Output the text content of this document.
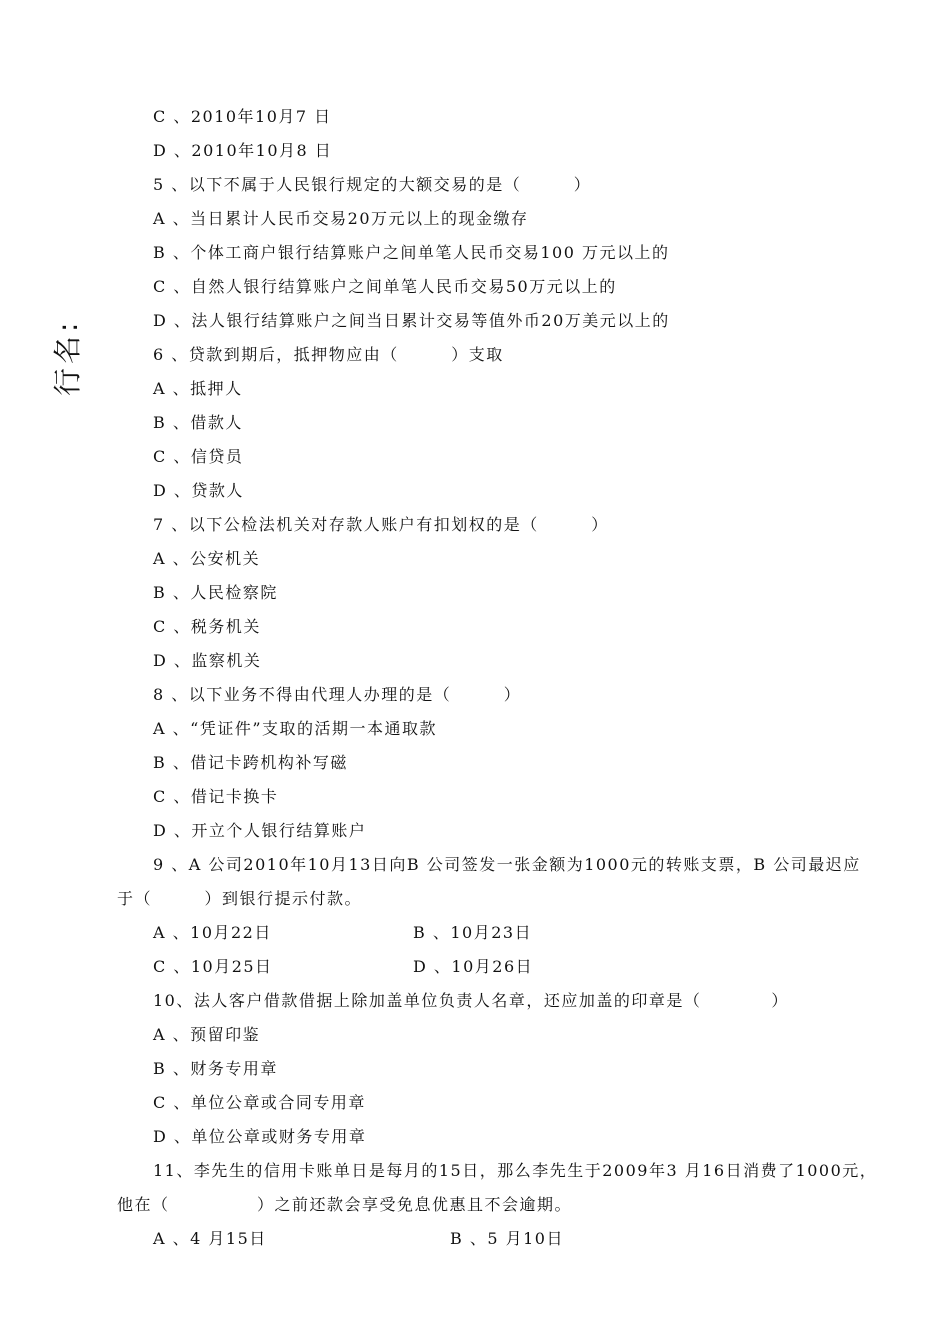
行名:
C 、2010年10月7 日
D 、2010年10月8 日
5 、以下不属于人民银行规定的大额交易的是（　　　）
A 、当日累计人民币交易20万元以上的现金缴存
B 、个体工商户银行结算账户之间单笔人民币交易100 万元以上的
C 、自然人银行结算账户之间单笔人民币交易50万元以上的
D 、法人银行结算账户之间当日累计交易等值外币20万美元以上的
6 、贷款到期后，抵押物应由（　　　）支取
A 、抵押人
B 、借款人
C 、信贷员
D 、贷款人
7 、以下公检法机关对存款人账户有扣划权的是（　　　）
A 、公安机关
B 、人民检察院
C 、税务机关
D 、监察机关
8 、以下业务不得由代理人办理的是（　　　）
A 、“凭证件”支取的活期一本通取款
B 、借记卡跨机构补写磁
C 、借记卡换卡
D 、开立个人银行结算账户
9 、A 公司2010年10月13日向B 公司签发一张金额为1000元的转账支票，B 公司最迟应
于（　　　）到银行提示付款。
A 、10月22日	B 、10月23日
C 、10月25日	D 、10月26日
10、法人客户借款借据上除加盖单位负责人名章，还应加盖的印章是（　　　　）
A 、预留印鉴
B 、财务专用章
C 、单位公章或合同专用章
D 、单位公章或财务专用章
11、李先生的信用卡账单日是每月的15日，那么李先生于2009年3 月16日消费了1000元，
他在（　　　　　）之前还款会享受免息优惠且不会逾期。
A 、4 月15日	B 、5 月10日
